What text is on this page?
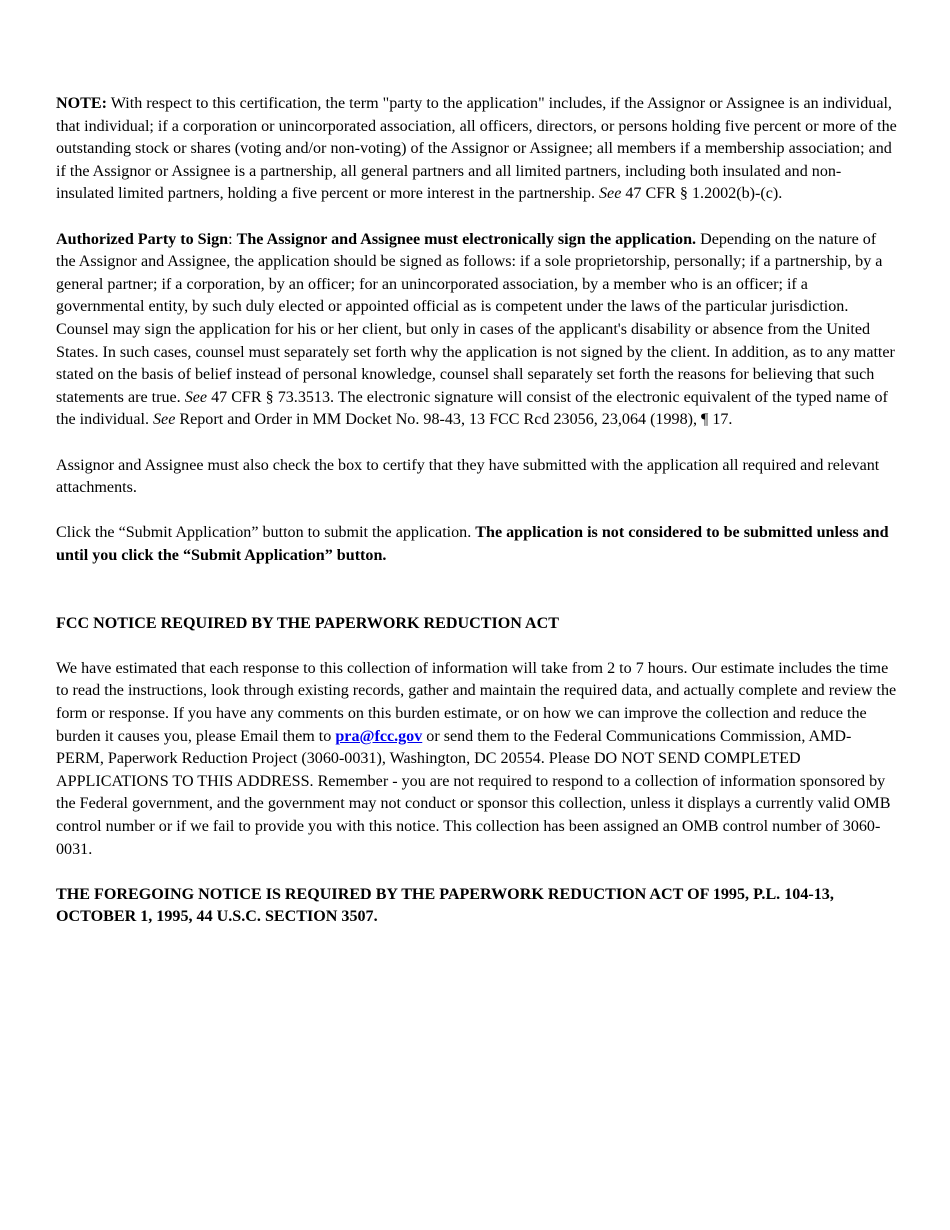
NOTE: With respect to this certification, the term "party to the application" includes, if the Assignor or Assignee is an individual, that individual; if a corporation or unincorporated association, all officers, directors, or persons holding five percent or more of the outstanding stock or shares (voting and/or non-voting) of the Assignor or Assignee; all members if a membership association; and if the Assignor or Assignee is a partnership, all general partners and all limited partners, including both insulated and non-insulated limited partners, holding a five percent or more interest in the partnership. See 47 CFR § 1.2002(b)-(c).

Authorized Party to Sign: The Assignor and Assignee must electronically sign the application. Depending on the nature of the Assignor and Assignee, the application should be signed as follows: if a sole proprietorship, personally; if a partnership, by a general partner; if a corporation, by an officer; for an unincorporated association, by a member who is an officer; if a governmental entity, by such duly elected or appointed official as is competent under the laws of the particular jurisdiction. Counsel may sign the application for his or her client, but only in cases of the applicant's disability or absence from the United States. In such cases, counsel must separately set forth why the application is not signed by the client. In addition, as to any matter stated on the basis of belief instead of personal knowledge, counsel shall separately set forth the reasons for believing that such statements are true. See 47 CFR § 73.3513. The electronic signature will consist of the electronic equivalent of the typed name of the individual. See Report and Order in MM Docket No. 98-43, 13 FCC Rcd 23056, 23,064 (1998), ¶ 17.

Assignor and Assignee must also check the box to certify that they have submitted with the application all required and relevant attachments.

Click the “Submit Application” button to submit the application. The application is not considered to be submitted unless and until you click the “Submit Application” button.

FCC NOTICE REQUIRED BY THE PAPERWORK REDUCTION ACT

We have estimated that each response to this collection of information will take from 2 to 7 hours. Our estimate includes the time to read the instructions, look through existing records, gather and maintain the required data, and actually complete and review the form or response. If you have any comments on this burden estimate, or on how we can improve the collection and reduce the burden it causes you, please Email them to pra@fcc.gov or send them to the Federal Communications Commission, AMD-PERM, Paperwork Reduction Project (3060-0031), Washington, DC 20554. Please DO NOT SEND COMPLETED APPLICATIONS TO THIS ADDRESS. Remember - you are not required to respond to a collection of information sponsored by the Federal government, and the government may not conduct or sponsor this collection, unless it displays a currently valid OMB control number or if we fail to provide you with this notice. This collection has been assigned an OMB control number of 3060-0031.

THE FOREGOING NOTICE IS REQUIRED BY THE PAPERWORK REDUCTION ACT OF 1995, P.L. 104-13, OCTOBER 1, 1995, 44 U.S.C. SECTION 3507.
